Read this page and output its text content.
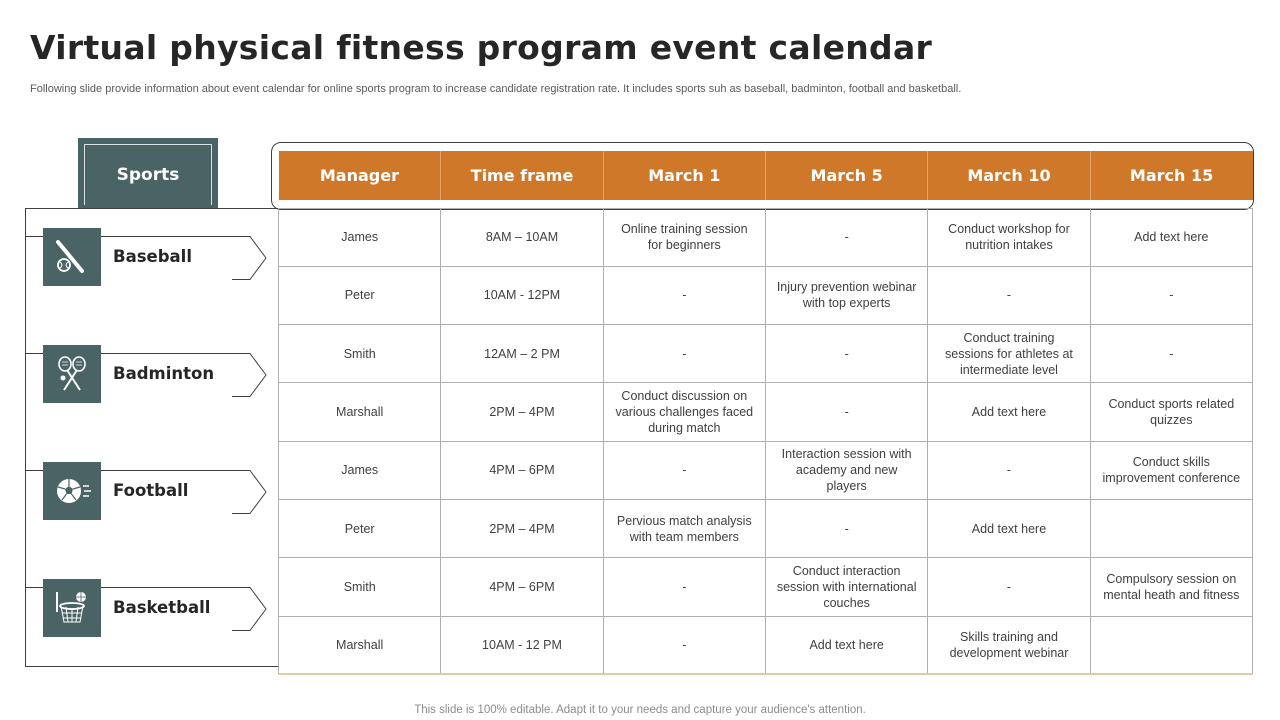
Virtual physical fitness program event calendar
Following slide provide information about event calendar for online sports program to increase candidate registration rate. It includes sports suh as baseball, badminton, football and basketball.
Sports
Baseball
Badminton
Football
Basketball
Manager	Time frame	March 1	March 5	March 10	March 15

James	8AM – 10AM	Online training session for beginners	-	Conduct workshop for nutrition intakes	Add text here
Peter	10AM - 12PM	-	Injury prevention webinar with top experts	-	-
Smith	12AM – 2 PM	-	-	Conduct training sessions for athletes at intermediate level	-
Marshall	2PM – 4PM	Conduct discussion on various challenges faced during match	-	Add text here	Conduct sports related quizzes
James	4PM – 6PM	-	Interaction session with academy and new players	-	Conduct skills improvement conference
Peter	2PM – 4PM	Pervious match analysis with team members	-	Add text here	
Smith	4PM – 6PM	-	Conduct interaction session with international couches	-	Compulsory session on mental heath and fitness
Marshall	10AM - 12 PM	-	Add text here	Skills training and development webinar	
This slide is 100% editable. Adapt it to your needs and capture your audience's attention.
